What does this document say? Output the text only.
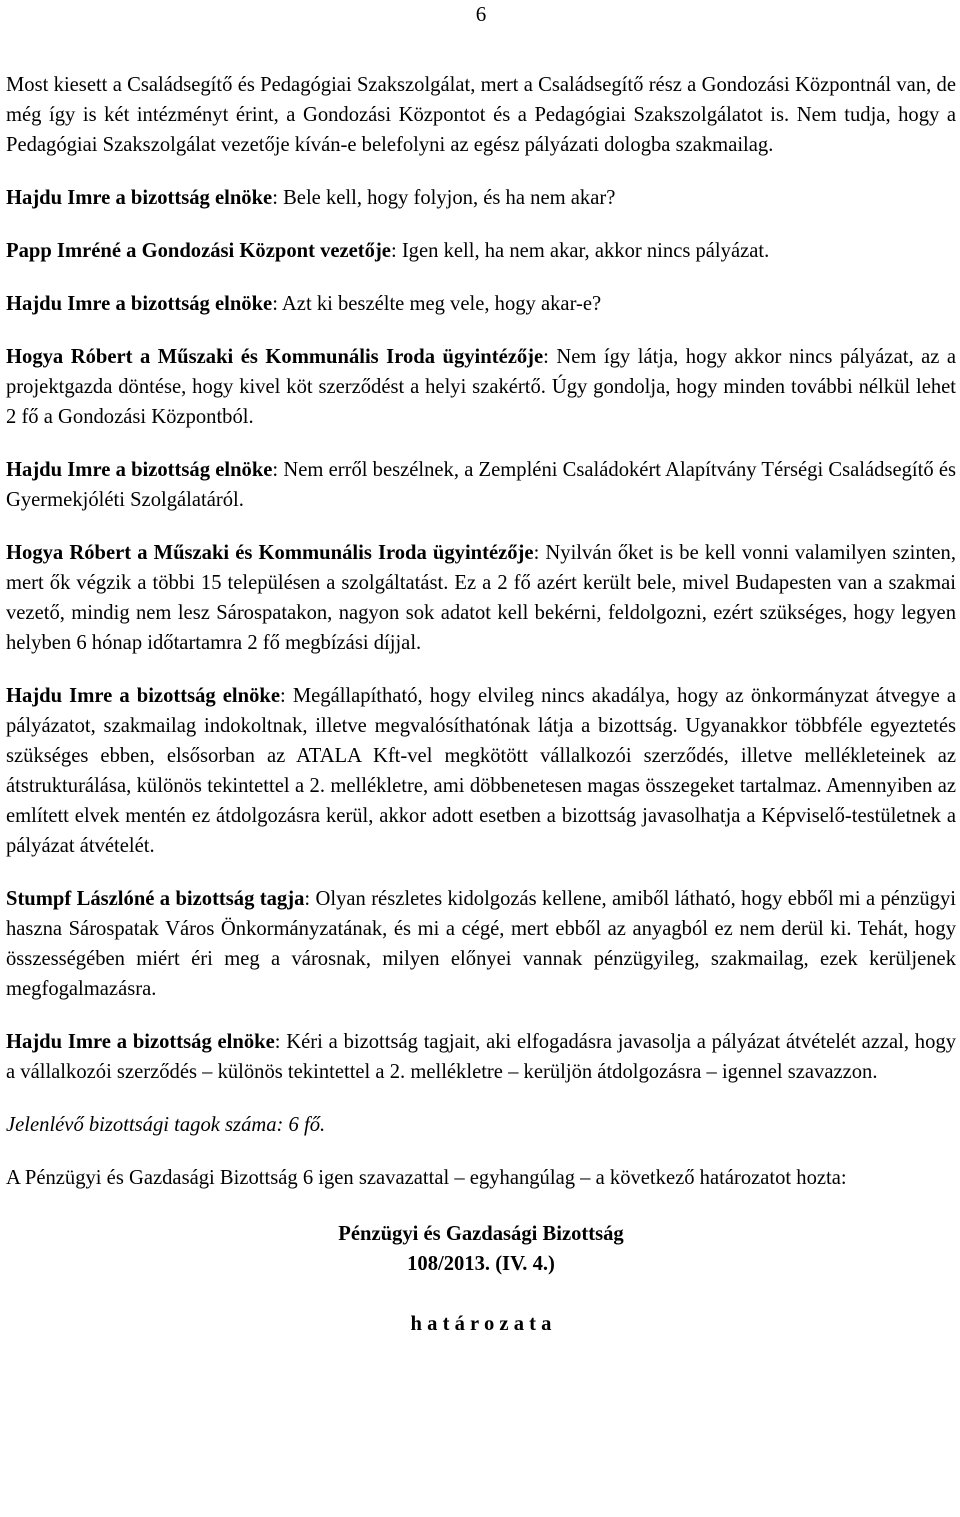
6

Most kiesett a Családsegítő és Pedagógiai Szakszolgálat, mert a Családsegítő rész a Gondozási Központnál van, de még így is két intézményt érint, a Gondozási Központot és a Pedagógiai Szakszolgálatot is. Nem tudja, hogy a Pedagógiai Szakszolgálat vezetője kíván-e belefolyni az egész pályázati dologba szakmailag.

Hajdu Imre a bizottság elnöke: Bele kell, hogy folyjon, és ha nem akar?

Papp Imréné a Gondozási Központ vezetője: Igen kell, ha nem akar, akkor nincs pályázat.

Hajdu Imre a bizottság elnöke: Azt ki beszélte meg vele, hogy akar-e?

Hogya Róbert a Műszaki és Kommunális Iroda ügyintézője: Nem így látja, hogy akkor nincs pályázat, az a projektgazda döntése, hogy kivel köt szerződést a helyi szakértő. Úgy gondolja, hogy minden további nélkül lehet 2 fő a Gondozási Központból.

Hajdu Imre a bizottság elnöke: Nem erről beszélnek, a Zempléni Családokért Alapítvány Térségi Családsegítő és Gyermekjóléti Szolgálatáról.

Hogya Róbert a Műszaki és Kommunális Iroda ügyintézője: Nyilván őket is be kell vonni valamilyen szinten, mert ők végzik a többi 15 településen a szolgáltatást. Ez a 2 fő azért került bele, mivel Budapesten van a szakmai vezető, mindig nem lesz Sárospatakon, nagyon sok adatot kell bekérni, feldolgozni, ezért szükséges, hogy legyen helyben 6 hónap időtartamra 2 fő megbízási díjjal.

Hajdu Imre a bizottság elnöke: Megállapítható, hogy elvileg nincs akadálya, hogy az önkormányzat átvegye a pályázatot, szakmailag indokoltnak, illetve megvalósíthatónak látja a bizottság. Ugyanakkor többféle egyeztetés szükséges ebben, elsősorban az ATALA Kft-vel megkötött vállalkozói szerződés, illetve mellékleteinek az átstrukturálása, különös tekintettel a 2. mellékletre, ami döbbenetesen magas összegeket tartalmaz. Amennyiben az említett elvek mentén ez átdolgozásra kerül, akkor adott esetben a bizottság javasolhatja a Képviselő-testületnek a pályázat átvételét.

Stumpf Lászlóné a bizottság tagja: Olyan részletes kidolgozás kellene, amiből látható, hogy ebből mi a pénzügyi haszna Sárospatak Város Önkormányzatának, és mi a cégé, mert ebből az anyagból ez nem derül ki. Tehát, hogy összességében miért éri meg a városnak, milyen előnyei vannak pénzügyileg, szakmailag, ezek kerüljenek megfogalmazásra.

Hajdu Imre a bizottság elnöke: Kéri a bizottság tagjait, aki elfogadásra javasolja a pályázat átvételét azzal, hogy a vállalkozói szerződés – különös tekintettel a 2. mellékletre – kerüljön átdolgozásra – igennel szavazzon.

Jelenlévő bizottsági tagok száma: 6 fő.

A Pénzügyi és Gazdasági Bizottság 6 igen szavazattal – egyhangúlag – a következő határozatot hozta:

Pénzügyi és Gazdasági Bizottság

108/2013. (IV. 4.)

h a t á r o z a t a
